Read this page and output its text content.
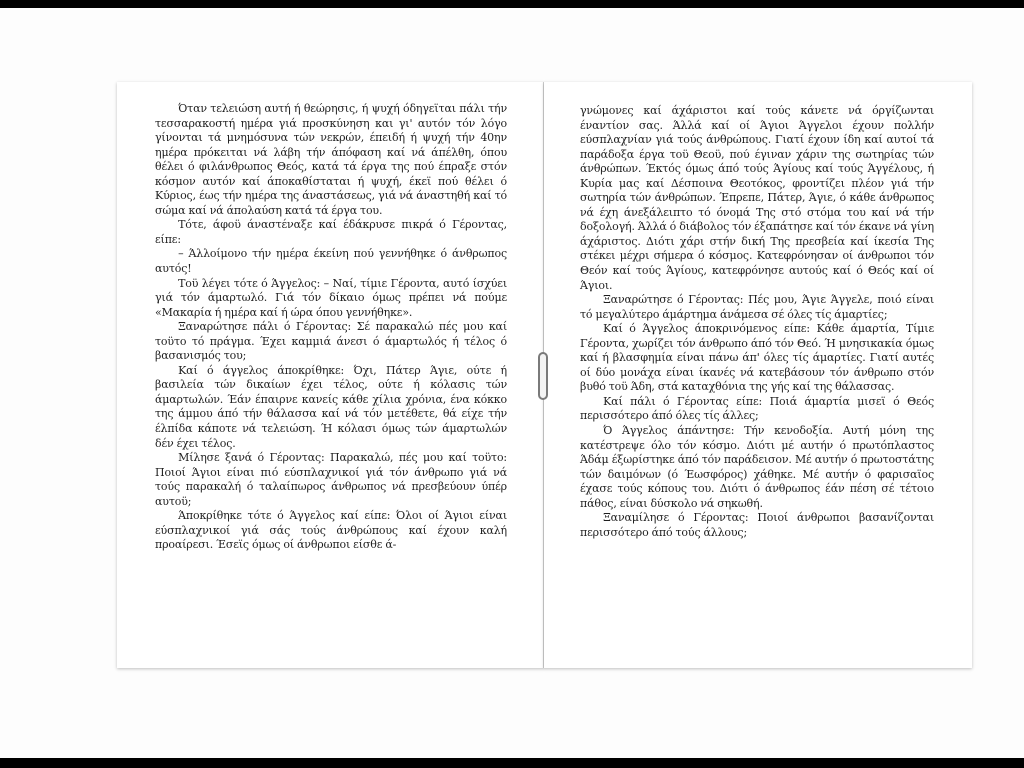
Όταν τελειώση αυτή ή θεώρησις, ή ψυχή όδηγεϊται πάλι τήν τεσσαρακοστή ημέρα γιά προσκύνηση και γι' αυτόν τόν λόγο γίνονται τά μνημόσυνα τών νεκρών, έπειδή ή ψυχή τήν 40ην ημέρα πρόκειται νά λάβη τήν άπόφαση καί νά άπέλθη, όπου θέλει ό φιλάνθρωπος Θεός, κατά τά έργα της πού έπραξε στόν κόσμον αυτόν καί άποκαθίσταται ή ψυχή, έκεϊ πού θέλει ό Κύριος, έως τήν ημέρα της άναστάσεως, γιά νά άναστηθή καί τό σώμα καί νά άπολαύση κατά τά έργα του.

Τότε, άφοϋ άναστέναξε καί έδάκρυσε πικρά ό Γέροντας, είπε:

– Άλλοίμονο τήν ημέρα έκείνη πού γεννήθηκε ό άνθρωπος αυτός!

Τοϋ λέγει τότε ό Άγγελος: – Ναί, τίμιε Γέροντα, αυτό ίσχύει γιά τόν άμαρτωλό. Γιά τόν δίκαιο όμως πρέπει νά πούμε «Μακαρία ή ημέρα καί ή ώρα όπου γεννήθηκε».

Ξαναρώτησε πάλι ό Γέροντας: Σέ παρακαλώ πές μου καί τοϋτο τό πράγμα. Έχει καμμιά άνεσι ό άμαρτωλός ή τέλος ό βασανισμός του;

Καί ό άγγελος άποκρίθηκε: Όχι, Πάτερ Άγιε, ούτε ή βασιλεία τών δικαίων έχει τέλος, ούτε ή κόλασις τών άμαρτωλών. Έάν έπαιρνε κανείς κάθε χίλια χρόνια, ένα κόκκο της άμμου άπό τήν θάλασσα καί νά τόν μετέθετε, θά είχε τήν έλπίδα κάποτε νά τελειώση. Ή κόλασι όμως τών άμαρτωλών δέν έχει τέλος.

Μίλησε ξανά ό Γέροντας: Παρακαλώ, πές μου καί τοϋτο: Ποιοί Άγιοι είναι πιό εύσπλαχνικοί γιά τόν άνθρωπο γιά νά τούς παρακαλή ό ταλαίπωρος άνθρωπος νά πρεσβεύουν ύπέρ αυτοϋ;

Άποκρίθηκε τότε ό Άγγελος καί είπε: Όλοι οί Άγιοι είναι εύσπλαχνικοί γιά σάς τούς άνθρώπους καί έχουν καλή προαίρεσι. Έσεϊς όμως οί άνθρωποι είσθε ά-

γνώμονες καί άχάριστοι καί τούς κάνετε νά όργίζωνται έναντίον σας. Άλλά καί οί Άγιοι Άγγελοι έχουν πολλήν εύσπλαχνίαν γιά τούς άνθρώπους. Γιατί έχουν ίδη καί αυτοί τά παράδοξα έργα τοϋ Θεοϋ, πού έγιναν χάριν της σωτηρίας τών άνθρώπων. Έκτός όμως άπό τούς Άγίους καί τούς Άγγέλους, ή Κυρία μας καί Δέσποινα Θεοτόκος, φροντίζει πλέον γιά τήν σωτηρία τών άνθρώπων. Έπρεπε, Πάτερ, Άγιε, ό κάθε άνθρωπος νά έχη άνεξάλειπτο τό όνομά Της στό στόμα του καί νά τήν δοξολογή. Άλλά ό διάβολος τόν έξαπάτησε καί τόν έκανε νά γίνη άχάριστος. Διότι χάρι στήν δική Της πρεσβεία καί ίκεσία Της στέκει μέχρι σήμερα ό κόσμος. Κατεφρόνησαν οί άνθρωποι τόν Θεόν καί τούς Άγίους, κατεφρόνησε αυτούς καί ό Θεός καί οί Άγιοι.

Ξαναρώτησε ό Γέροντας: Πές μου, Άγιε Άγγελε, ποιό είναι τό μεγαλύτερο άμάρτημα άνάμεσα σέ όλες τίς άμαρτίες;

Καί ό Άγγελος άποκρινόμενος είπε: Κάθε άμαρτία, Τίμιε Γέροντα, χωρίζει τόν άνθρωπο άπό τόν Θεό. Ή μνησικακία όμως καί ή βλασφημία είναι πάνω άπ' όλες τίς άμαρτίες. Γιατί αυτές οί δύο μονάχα είναι ίκανές νά κατεβάσουν τόν άνθρωπο στόν βυθό τοϋ Άδη, στά καταχθόνια της γής καί της θάλασσας.

Καί πάλι ό Γέροντας είπε: Ποιά άμαρτία μισεϊ ό Θεός περισσότερο άπό όλες τίς άλλες;

Ό Άγγελος άπάντησε: Τήν κενοδοξία. Αυτή μόνη της κατέστρεψε όλο τόν κόσμο. Διότι μέ αυτήν ό πρωτόπλαστος Άδάμ έξωρίστηκε άπό τόν παράδεισον. Μέ αυτήν ό πρωτοστάτης τών δαιμόνων (ό Έωσφόρος) χάθηκε. Μέ αυτήν ό φαρισαϊος έχασε τούς κόπους του. Διότι ό άνθρωπος έάν πέση σέ τέτοιο πάθος, είναι δύσκολο νά σηκωθή.

Ξαναμίλησε ό Γέροντας: Ποιοί άνθρωποι βασανίζονται περισσότερο άπό τούς άλλους;
